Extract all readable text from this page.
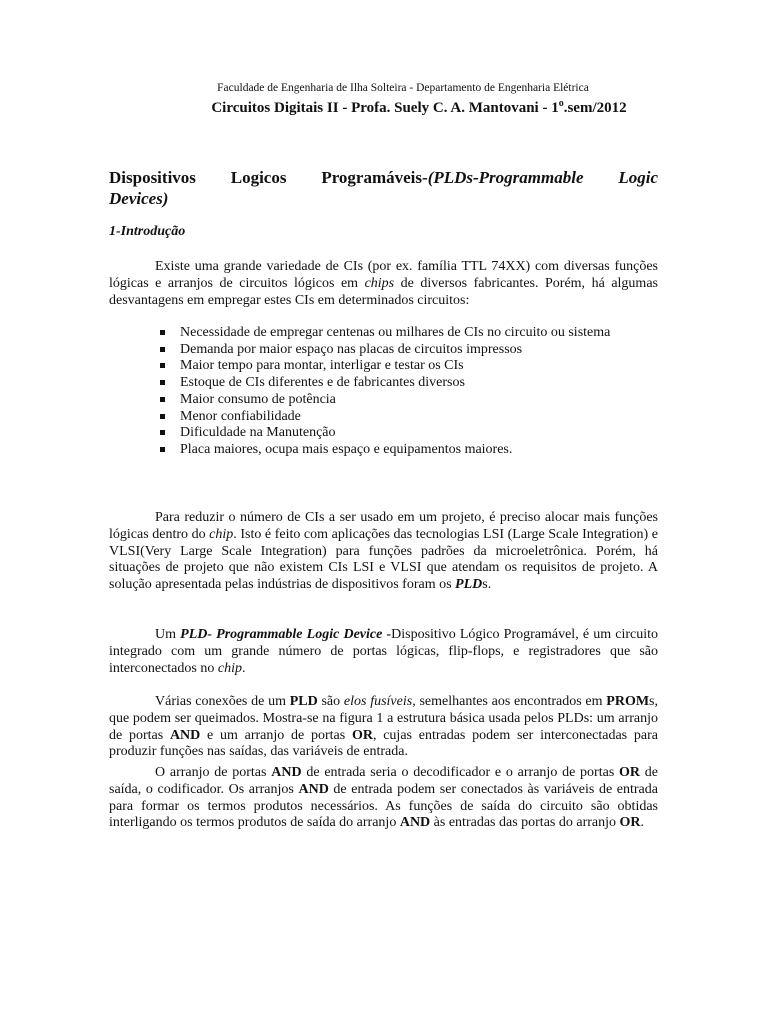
Faculdade de Engenharia de Ilha Solteira - Departamento de Engenharia Elétrica
Circuitos Digitais II - Profa. Suely C. A. Mantovani - 1$^o$.sem/2012
Dispositivos Logicos Programáveis-(PLDs-Programmable Logic
Devices)
1-Introdução
Existe uma grande variedade de CIs (por ex. família TTL 74XX) com diversas funções lógicas e arranjos de circuitos lógicos em chips de diversos fabricantes. Porém, há algumas desvantagens em empregar estes CIs em determinados circuitos:
Necessidade de empregar centenas ou milhares de CIs no circuito ou sistema
Demanda por maior espaço nas placas de circuitos impressos
Maior tempo para montar, interligar e testar os CIs
Estoque de CIs diferentes e de fabricantes diversos
Maior consumo de potência
Menor confiabilidade
Dificuldade na Manutenção
Placa maiores, ocupa mais espaço e equipamentos maiores.
Para reduzir o número de CIs a ser usado em um projeto, é preciso alocar mais funções lógicas dentro do chip. Isto é feito com aplicações das tecnologias LSI (Large Scale Integration) e VLSI(Very Large Scale Integration) para funções padrões da microeletrônica. Porém, há situações de projeto que não existem CIs LSI e VLSI que atendam os requisitos de projeto. A solução apresentada pelas indústrias de dispositivos foram os PLDs.
Um PLD- Programmable Logic Device -Dispositivo Lógico Programável, é um circuito integrado com um grande número de portas lógicas, flip-flops, e registradores que são interconectados no chip.
Várias conexões de um PLD são elos fusíveis, semelhantes aos encontrados em PROMs, que podem ser queimados. Mostra-se na figura 1 a estrutura básica usada pelos PLDs: um arranjo de portas AND e um arranjo de portas OR, cujas entradas podem ser interconectadas para produzir funções nas saídas, das variáveis de entrada.
O arranjo de portas AND de entrada seria o decodificador e o arranjo de portas OR de saída, o codificador. Os arranjos AND de entrada podem ser conectados às variáveis de entrada para formar os termos produtos necessários. As funções de saída do circuito são obtidas interligando os termos produtos de saída do arranjo AND às entradas das portas do arranjo OR.
